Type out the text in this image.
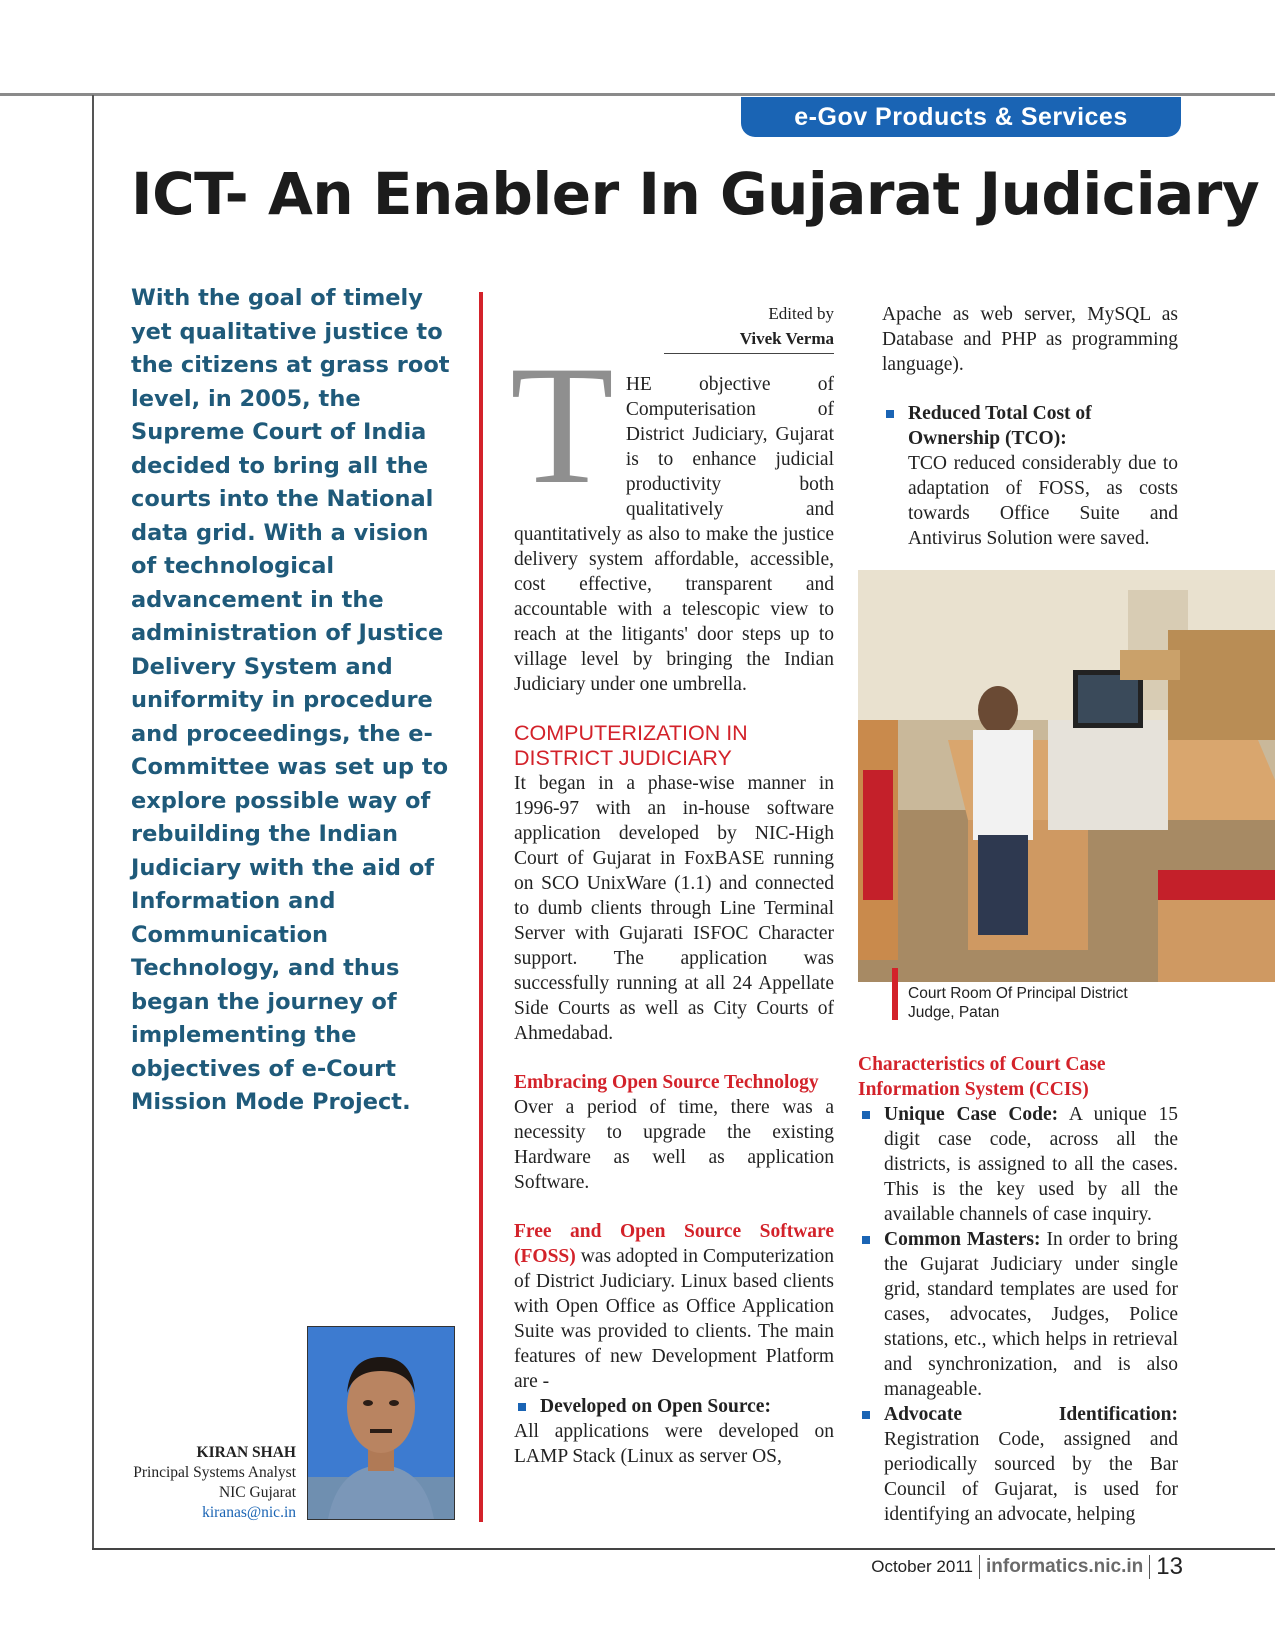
e-Gov Products & Services
ICT- An Enabler In Gujarat Judiciary
With the goal of timely yet qualitative justice to the citizens at grass root level, in 2005, the Supreme Court of India decided to bring all the courts into the National data grid. With a vision of technological advancement in the administration of Justice Delivery System and uniformity in procedure and proceedings, the e-Committee was set up to explore possible way of rebuilding the Indian Judiciary with the aid of Information and Communication Technology, and thus began the journey of implementing the objectives of e-Court Mission Mode Project.
Edited by
Vivek Verma

THE objective of Computerisation of District Judiciary, Gujarat is to enhance judicial productivity both qualitatively and quantitatively as also to make the justice delivery system affordable, accessible, cost effective, transparent and accountable with a telescopic view to reach at the litigants' door steps up to village level by bringing the Indian Judiciary under one umbrella.

COMPUTERIZATION IN DISTRICT JUDICIARY

It began in a phase-wise manner in 1996-97 with an in-house software application developed by NIC-High Court of Gujarat in FoxBASE running on SCO UnixWare (1.1) and connected to dumb clients through Line Terminal Server with Gujarati ISFOC Character support. The application was successfully running at all 24 Appellate Side Courts as well as City Courts of Ahmedabad.

Embracing Open Source Technology

Over a period of time, there was a necessity to upgrade the existing Hardware as well as application Software.

Free and Open Source Software (FOSS) was adopted in Computerization of District Judiciary. Linux based clients with Open Office as Office Application Suite was provided to clients. The main features of new Development Platform are -

Developed on Open Source:

All applications were developed on LAMP Stack (Linux as server OS,

Apache as web server, MySQL as Database and PHP as programming language).

Reduced Total Cost of Ownership (TCO):

TCO reduced considerably due to adaptation of FOSS, as costs towards Office Suite and Antivirus Solution were saved.

Court Room Of Principal District Judge, Patan
Characteristics of Court Case Information System (CCIS)

Unique Case Code: A unique 15 digit case code, across all the districts, is assigned to all the cases. This is the key used by all the available channels of case inquiry.

Common Masters: In order to bring the Gujarat Judiciary under single grid, standard templates are used for cases, advocates, Judges, Police stations, etc., which helps in retrieval and synchronization, and is also manageable.

Advocate Identification: Registration Code, assigned and periodically sourced by the Bar Council of Gujarat, is used for identifying an advocate, helping

KIRAN SHAH
Principal Systems Analyst
NIC Gujarat
kiranas@nic.in
October 2011 informatics.nic.in 13
